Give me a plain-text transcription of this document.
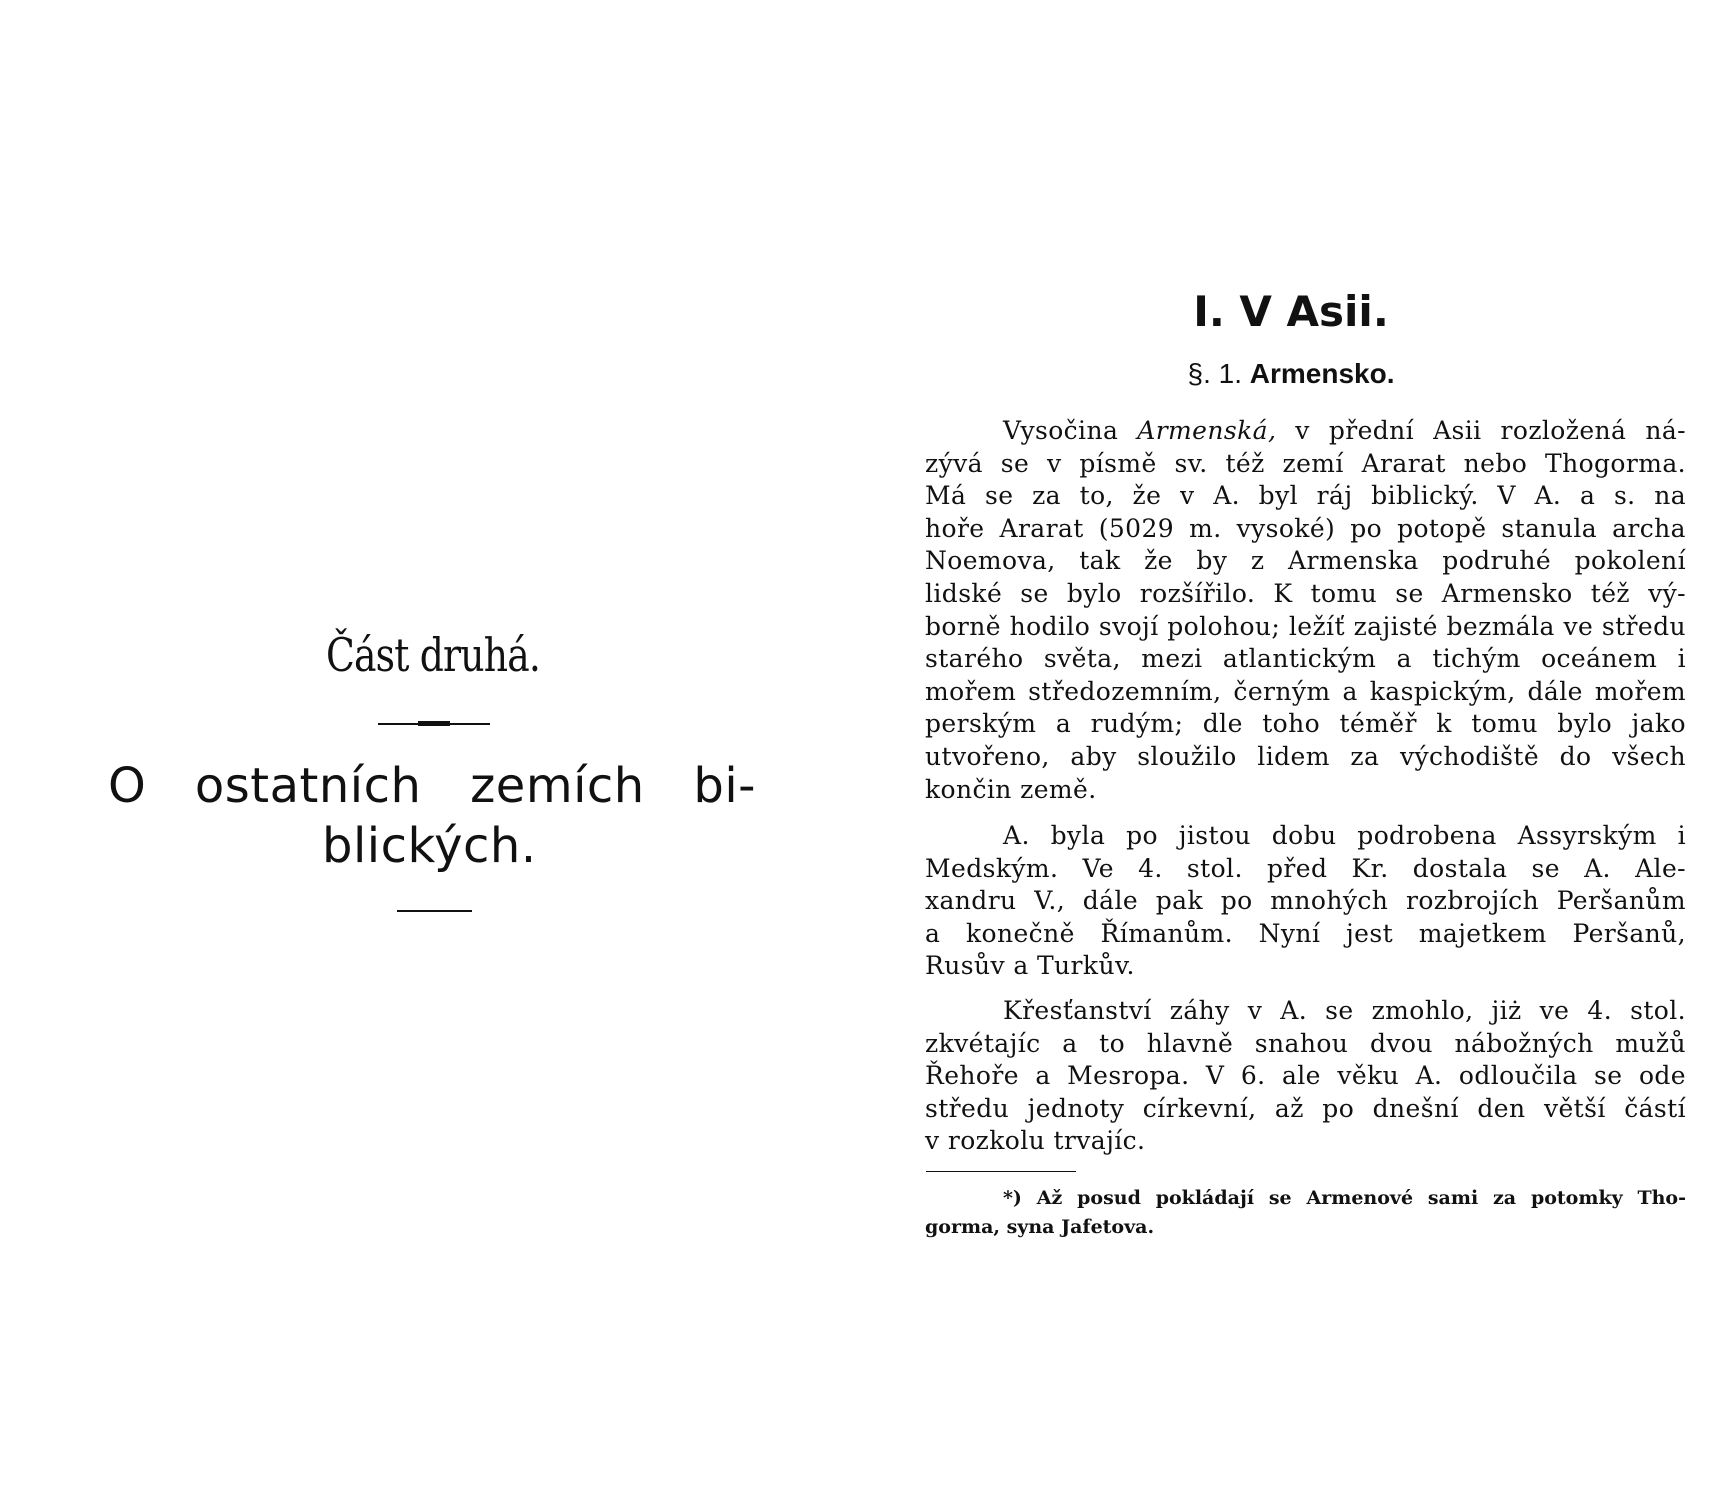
Část druhá.
O ostatních zemích bi-
blických.
I. V Asii.
§. 1. Armensko.
Vysočina Armenská, v přední Asii rozložená ná-
zývá se v písmě sv. též zemí Ararat nebo Thogorma.
Má se za to, že v A. byl ráj biblický. V A. a s. na
hoře Ararat (5029 m. vysoké) po potopě stanula archa
Noemova, tak že by z Armenska podruhé pokolení
lidské se bylo rozšířilo. K tomu se Armensko též vý-
borně hodilo svojí polohou; ležíť zajisté bezmála ve středu
starého světa, mezi atlantickým a tichým oceánem i
mořem středozemním, černým a kaspickým, dále mořem
perským a rudým; dle toho téměř k tomu bylo jako
utvořeno, aby sloužilo lidem za východiště do všech
končin země.
A. byla po jistou dobu podrobena Assyrským i
Medským. Ve 4. stol. před Kr. dostala se A. Ale-
xandru V., dále pak po mnohých rozbrojích Peršanům
a konečně Římanům. Nyní jest majetkem Peršanů,
Rusův a Turkův.
Křesťanství záhy v A. se zmohlo, jiż ve 4. stol.
zkvétajíc a to hlavně snahou dvou nábožných mužů
Řehoře a Mesropa. V 6. ale věku A. odloučila se ode
středu jednoty církevní, až po dnešní den větší částí
v rozkolu trvajíc.
*) Až posud pokládají se Armenové sami za potomky Tho-
gorma, syna Jafetova.
